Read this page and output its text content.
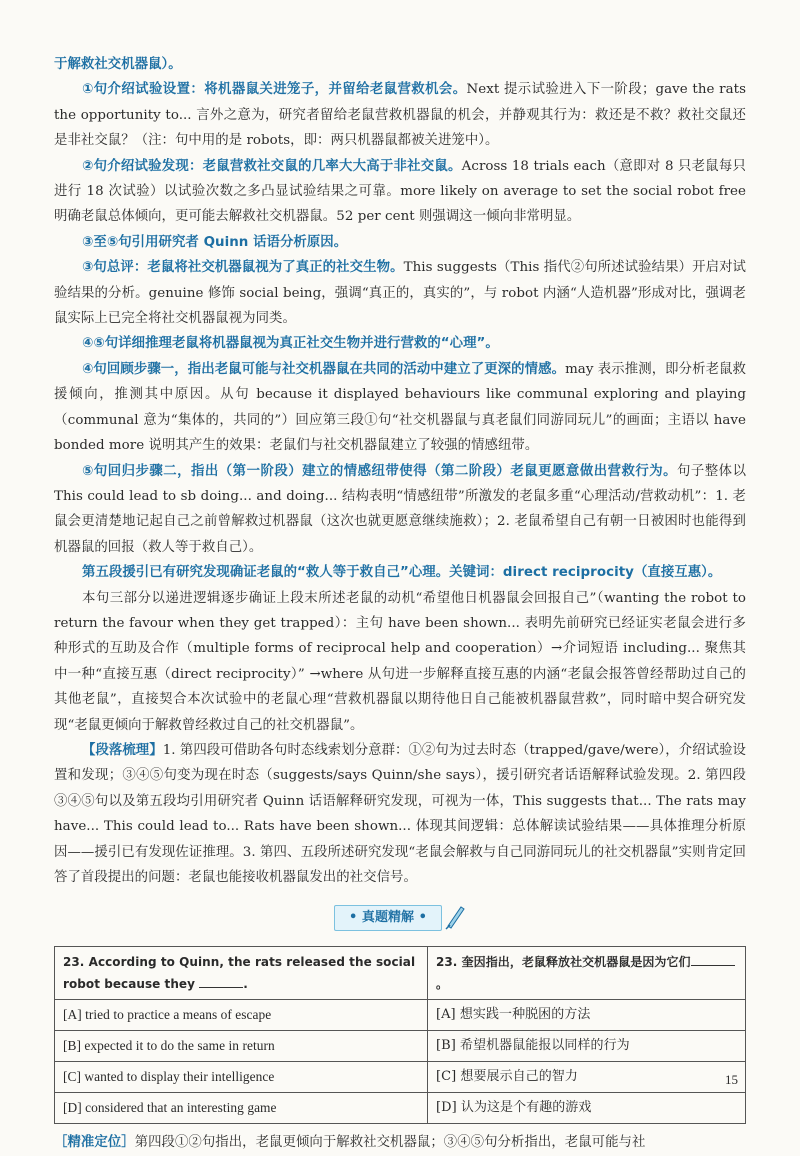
于解救社交机器鼠）。

①句介绍试验设置：将机器鼠关进笼子，并留给老鼠营救机会。Next 提示试验进入下一阶段；gave the rats the opportunity to... 言外之意为，研究者留给老鼠营救机器鼠的机会，并静观其行为：救还是不救？救社交鼠还是非社交鼠？（注：句中用的是 robots，即：两只机器鼠都被关进笼中）。

②句介绍试验发现：老鼠营救社交鼠的几率大大高于非社交鼠。Across 18 trials each（意即对 8 只老鼠每只进行 18 次试验）以试验次数之多凸显试验结果之可靠。more likely on average to set the social robot free 明确老鼠总体倾向，更可能去解救社交机器鼠。52 per cent 则强调这一倾向非常明显。

③至⑤句引用研究者 Quinn 话语分析原因。

③句总评：老鼠将社交机器鼠视为了真正的社交生物。This suggests（This 指代②句所述试验结果）开启对试验结果的分析。genuine 修饰 social being，强调“真正的，真实的”，与 robot 内涵“人造机器”形成对比，强调老鼠实际上已完全将社交机器鼠视为同类。

④⑤句详细推理老鼠将机器鼠视为真正社交生物并进行营救的“心理”。

④句回顾步骤一，指出老鼠可能与社交机器鼠在共同的活动中建立了更深的情感。may 表示推测，即分析老鼠救援倾向，推测其中原因。从句 because it displayed behaviours like communal exploring and playing（communal 意为“集体的，共同的”）回应第三段①句“社交机器鼠与真老鼠们同游同玩儿”的画面；主语以 have bonded more 说明其产生的效果：老鼠们与社交机器鼠建立了较强的情感纽带。

⑤句回归步骤二，指出（第一阶段）建立的情感纽带使得（第二阶段）老鼠更愿意做出营救行为。句子整体以 This could lead to sb doing... and doing... 结构表明“情感纽带”所激发的老鼠多重“心理活动/营救动机”：1. 老鼠会更清楚地记起自己之前曾解救过机器鼠（这次也就更愿意继续施救）；2. 老鼠希望自己有朝一日被困时也能得到机器鼠的回报（救人等于救自己）。

第五段援引已有研究发现确证老鼠的“救人等于救自己”心理。关键词：direct reciprocity（直接互惠）。

本句三部分以递进逻辑逐步确证上段末所述老鼠的动机“希望他日机器鼠会回报自己”（wanting the robot to return the favour when they get trapped）：主句 have been shown... 表明先前研究已经证实老鼠会进行多种形式的互助及合作（multiple forms of reciprocal help and cooperation）→介词短语 including... 聚焦其中一种“直接互惠（direct reciprocity）” →where 从句进一步解释直接互惠的内涵“老鼠会报答曾经帮助过自己的其他老鼠”，直接契合本次试验中的老鼠心理“营救机器鼠以期待他日自己能被机器鼠营救”，同时暗中契合研究发现“老鼠更倾向于解救曾经救过自己的社交机器鼠”。

【段落梳理】1. 第四段可借助各句时态线索划分意群：①②句为过去时态（trapped/gave/were），介绍试验设置和发现；③④⑤句变为现在时态（suggests/says Quinn/she says），援引研究者话语解释试验发现。2. 第四段③④⑤句以及第五段均引用研究者 Quinn 话语解释研究发现，可视为一体，This suggests that... The rats may have... This could lead to... Rats have been shown... 体现其间逻辑：总体解读试验结果——具体推理分析原因——援引已有发现佐证推理。3. 第四、五段所述研究发现“老鼠会解救与自己同游同玩儿的社交机器鼠”实则肯定回答了首段提出的问题：老鼠也能接收机器鼠发出的社交信号。

• 真题精解 •
23. According to Quinn, the rats released the social robot because they .	23. 奎因指出，老鼠释放社交机器鼠是因为它们。
[A] tried to practice a means of escape	[A] 想实践一种脱困的方法
[B] expected it to do the same in return	[B] 希望机器鼠能报以同样的行为
[C] wanted to display their intelligence	[C] 想要展示自己的智力
[D] considered that an interesting game	[D] 认为这是个有趣的游戏

［精准定位］第四段①②句指出，老鼠更倾向于解救社交机器鼠；③④⑤句分析指出，老鼠可能与社

15
